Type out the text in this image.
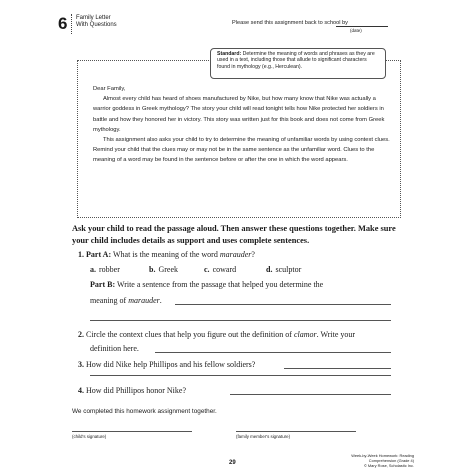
6 Family Letter
With Questions	Please send this assignment back to school by
(date)
Standard: Determine the meaning of words and phrases as they are used in a text, including those that allude to significant characters found in mythology (e.g., Herculean).

Dear Family,

Almost every child has heard of shoes manufactured by Nike, but how many know that Nike was actually a warrior goddess in Greek mythology? The story your child will read tonight tells how Nike protected her soldiers in battle and how they honored her in victory. This story was written just for this book and does not come from Greek mythology.

This assignment also asks your child to try to determine the meaning of unfamiliar words by using context clues. Remind your child that the clues may or may not be in the same sentence as the unfamiliar word. Clues to the meaning of a word may be found in the sentence before or after the one in which the word appears.

Ask your child to read the passage aloud. Then answer these questions together. Make sure your child includes details as support and uses complete sentences.
1. Part A: What is the meaning of the word marauder?
a. robber	b. Greek	c. coward	d. sculptor
Part B: Write a sentence from the passage that helped you determine the
meaning of marauder.
2. Circle the context clues that help you figure out the definition of clamor. Write your
definition here.
3. How did Nike help Phillipos and his fellow soldiers?
4. How did Phillipos honor Nike?
We completed this homework assignment together.
(child's signature)	(family member's signature)
29
Week-by-Week Homework: Reading Comprehension (Grade 4)
© Mary Rose, Scholastic Inc.
